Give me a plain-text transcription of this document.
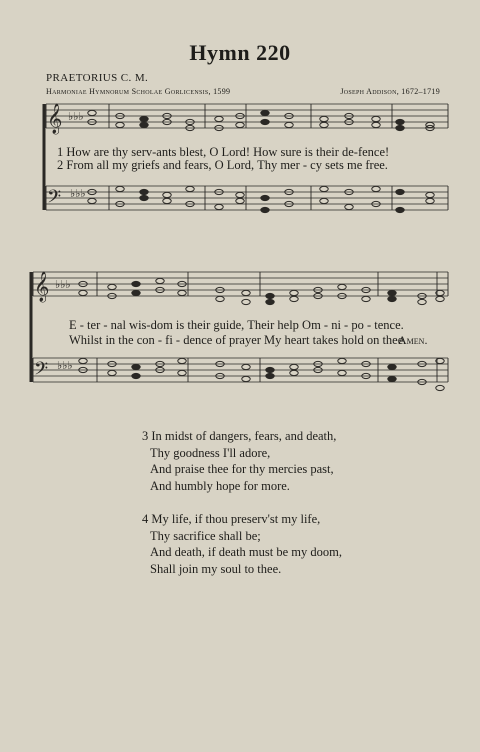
Hymn 220
PRAETORIUS C. M.
Harmoniae Hymnorum Scholae Gorlicensis, 1599	Joseph Addison, 1672–1719
𝄞
𝄢
♭♭♭
♭♭♭
𝄞
𝄢
♭♭♭
♭♭♭
1 How are thy serv-ants blest, O Lord! How sure is their de-fence!
2 From all my griefs and fears, O Lord, Thy mer - cy sets me free.
E - ter - nal wis-dom is their guide, Their help Om - ni - po - tence.
Whilst in the con - fi - dence of prayer My heart takes hold on thee.
Amen.
3 In midst of dangers, fears, and death,
Thy goodness I'll adore,
And praise thee for thy mercies past,
And humbly hope for more.
4 My life, if thou preserv'st my life,
Thy sacrifice shall be;
And death, if death must be my doom,
Shall join my soul to thee.
